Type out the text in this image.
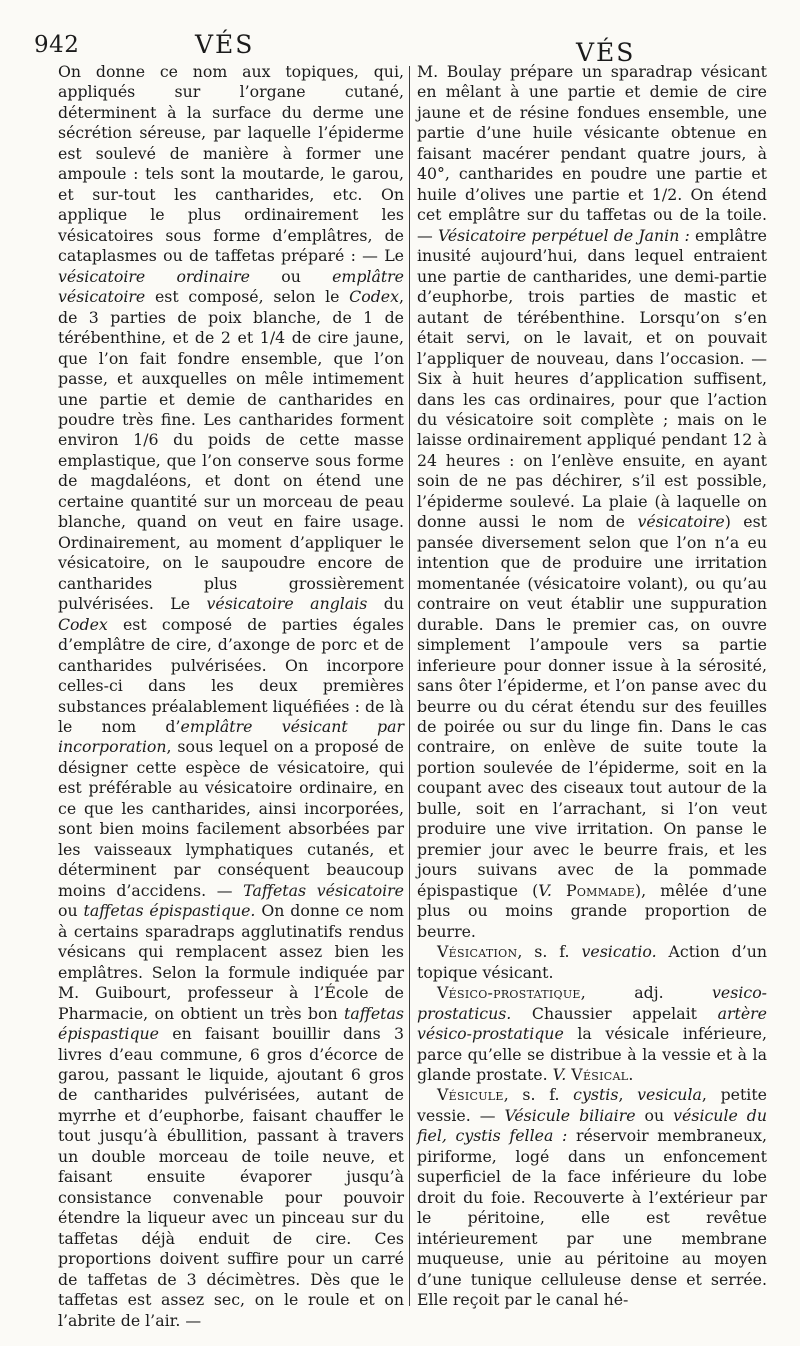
942	VÉS	VÉS

On donne ce nom aux topiques, qui, appliqués sur l’organe cutané, déterminent à la surface du derme une sécrétion séreuse, par laquelle l’épiderme est soulevé de manière à former une ampoule : tels sont la moutarde, le garou, et sur-tout les cantharides, etc. On applique le plus ordinairement les vésicatoires sous forme d’emplâtres, de cataplasmes ou de taffetas préparé : — Le vésicatoire ordinaire ou emplâtre vésicatoire est composé, selon le Codex, de 3 parties de poix blanche, de 1 de térébenthine, et de 2 et 1/4 de cire jaune, que l’on fait fondre ensemble, que l’on passe, et auxquelles on mêle intimement une partie et demie de cantharides en poudre très fine. Les cantharides forment environ 1/6 du poids de cette masse emplastique, que l’on conserve sous forme de magdaléons, et dont on étend une certaine quantité sur un morceau de peau blanche, quand on veut en faire usage. Ordinairement, au moment d’appliquer le vésicatoire, on le saupoudre encore de cantharides plus grossièrement pulvérisées. Le vésicatoire anglais du Codex est composé de parties égales d’emplâtre de cire, d’axonge de porc et de cantharides pulvérisées. On incorpore celles-ci dans les deux premières substances préalablement liquéfiées : de là le nom d’emplâtre vésicant par incorporation, sous lequel on a proposé de désigner cette espèce de vésicatoire, qui est préférable au vésicatoire ordinaire, en ce que les cantharides, ainsi incorporées, sont bien moins facilement absorbées par les vaisseaux lymphatiques cutanés, et déterminent par conséquent beaucoup moins d’accidens. — Taffetas vésicatoire ou taffetas épispastique. On donne ce nom à certains sparadraps agglutinatifs rendus vésicans qui remplacent assez bien les emplâtres. Selon la formule indiquée par M. Guibourt, professeur à l’École de Pharmacie, on obtient un très bon taffetas épispastique en faisant bouillir dans 3 livres d’eau commune, 6 gros d’écorce de garou, passant le liquide, ajoutant 6 gros de cantharides pulvérisées, autant de myrrhe et d’euphorbe, faisant chauffer le tout jusqu’à ébullition, passant à travers un double morceau de toile neuve, et faisant ensuite évaporer jusqu’à consistance convenable pour pouvoir étendre la liqueur avec un pinceau sur du taffetas déjà enduit de cire. Ces proportions doivent suffire pour un carré de taffetas de 3 décimètres. Dès que le taffetas est assez sec, on le roule et on l’abrite de l’air. —

M. Boulay prépare un sparadrap vésicant en mêlant à une partie et demie de cire jaune et de résine fondues ensemble, une partie d’une huile vésicante obtenue en faisant macérer pendant quatre jours, à 40°, cantharides en poudre une partie et huile d’olives une partie et 1/2. On étend cet emplâtre sur du taffetas ou de la toile. — Vésicatoire perpétuel de Janin : emplâtre inusité aujourd’hui, dans lequel entraient une partie de cantharides, une demi-partie d’euphorbe, trois parties de mastic et autant de térébenthine. Lorsqu’on s’en était servi, on le lavait, et on pouvait l’appliquer de nouveau, dans l’occasion. — Six à huit heures d’application suffisent, dans les cas ordinaires, pour que l’action du vésicatoire soit complète ; mais on le laisse ordinairement appliqué pendant 12 à 24 heures : on l’enlève ensuite, en ayant soin de ne pas déchirer, s’il est possible, l’épiderme soulevé. La plaie (à laquelle on donne aussi le nom de vésicatoire) est pansée diversement selon que l’on n’a eu intention que de produire une irritation momentanée (vésicatoire volant), ou qu’au contraire on veut établir une suppuration durable. Dans le premier cas, on ouvre simplement l’ampoule vers sa partie inferieure pour donner issue à la sérosité, sans ôter l’épiderme, et l’on panse avec du beurre ou du cérat étendu sur des feuilles de poirée ou sur du linge fin. Dans le cas contraire, on enlève de suite toute la portion soulevée de l’épiderme, soit en la coupant avec des ciseaux tout autour de la bulle, soit en l’arrachant, si l’on veut produire une vive irritation. On panse le premier jour avec le beurre frais, et les jours suivans avec de la pommade épispastique (V. Pommade), mêlée d’une plus ou moins grande proportion de beurre.

Vésication, s. f. vesicatio. Action d’un topique vésicant.

Vésico-prostatique, adj. vesico-prostaticus. Chaussier appelait artère vésico-prostatique la vésicale inférieure, parce qu’elle se distribue à la vessie et à la glande prostate. V. Vésical.

Vésicule, s. f. cystis, vesicula, petite vessie. — Vésicule biliaire ou vésicule du fiel, cystis fellea : réservoir membraneux, piriforme, logé dans un enfoncement superficiel de la face inférieure du lobe droit du foie. Recouverte à l’extérieur par le péritoine, elle est revêtue intérieurement par une membrane muqueuse, unie au péritoine au moyen d’une tunique celluleuse dense et serrée. Elle reçoit par le canal hé-
